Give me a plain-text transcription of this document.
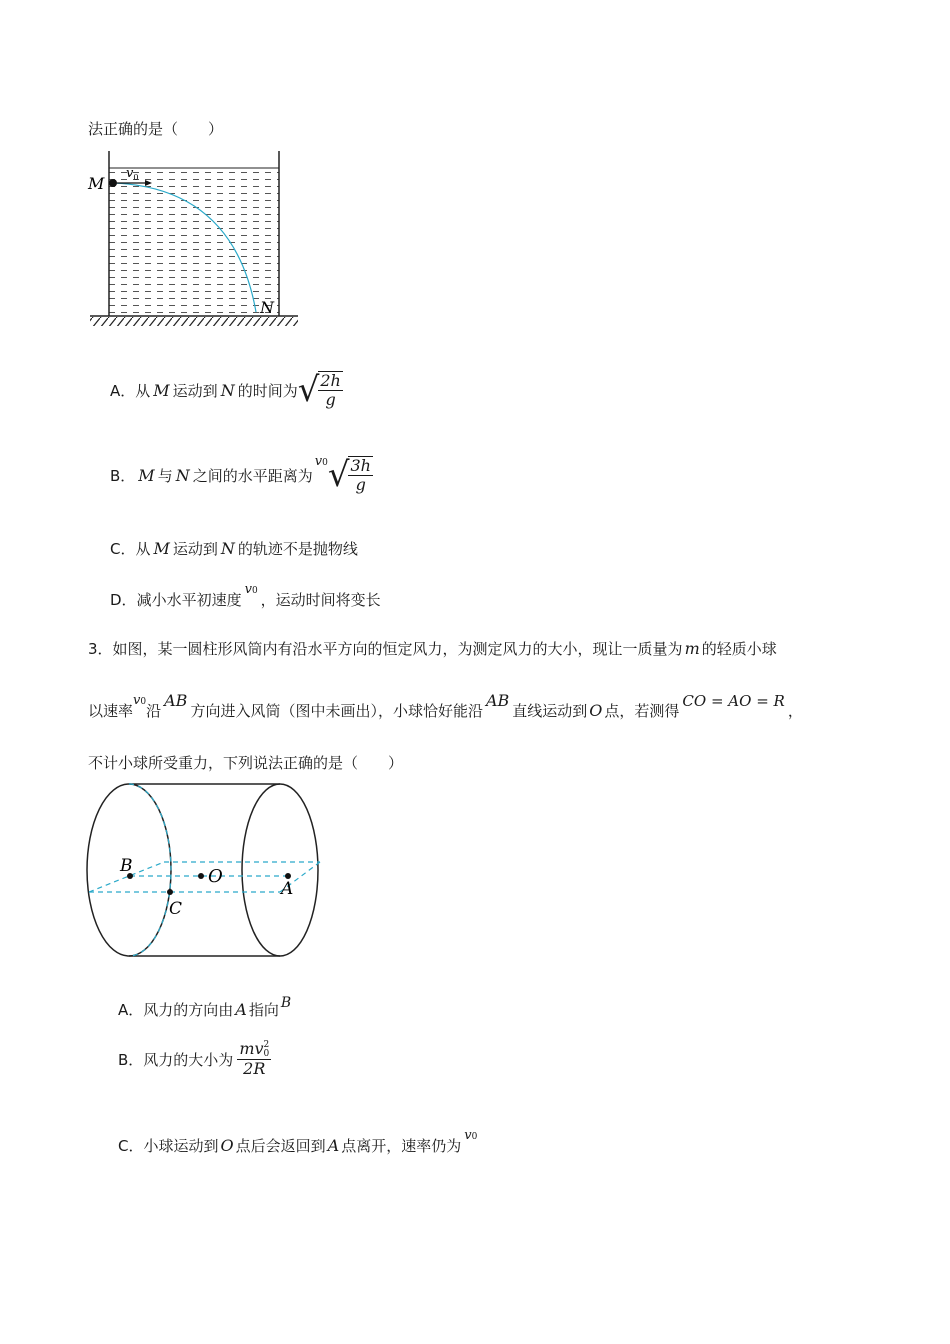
法正确的是（　　）
M
$v_0$
N
A． 从 M 运动到 N 的时间为 √ $\frac{2h}{g}$
B． M 与 N 之间的水平距离为
v0 √ $\frac{3h}{g}$
C．从 M 运动到 N 的轨迹不是抛物线
D．减小水平初速度v0 ，运动时间将变长
3．如图，某一圆柱形风筒内有沿水平方向的恒定风力，为测定风力的大小，现让一质量为 m 的轻质小球
以速率v0沿AB方向进入风筒（图中未画出），小球恰好能沿AB直线运动到 O 点，若测得CO = AO = R，
不计小球所受重力，下列说法正确的是（　　）
B	O
A
C
A．风力的方向由 A 指向 B
B． 风力的大小为 mv 2
0
2R
C．小球运动到 O 点后会返回到 A 点离开，速率仍为v0
